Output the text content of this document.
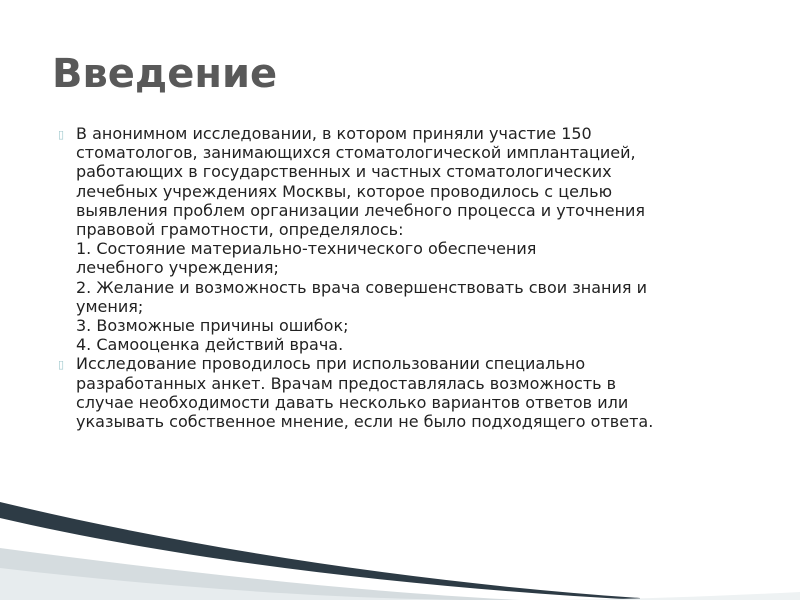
Введение
▯ В анонимном исследовании, в котором приняли участие 150
стоматологов, занимающихся стоматологической имплантацией,
работающих в государственных и частных стоматологических
лечебных учреждениях Москвы, которое проводилось с целью
выявления проблем организации лечебного процесса и уточнения
правовой грамотности, определялось:
1. Состояние материально-технического обеспечения
лечебного учреждения;
2. Желание и возможность врача совершенствовать свои знания и
умения;
3. Возможные причины ошибок;
4. Самооценка действий врача.
▯ Исследование проводилось при использовании специально
разработанных анкет. Врачам предоставлялась возможность в
случае необходимости давать несколько вариантов ответов или
указывать собственное мнение, если не было подходящего ответа.
